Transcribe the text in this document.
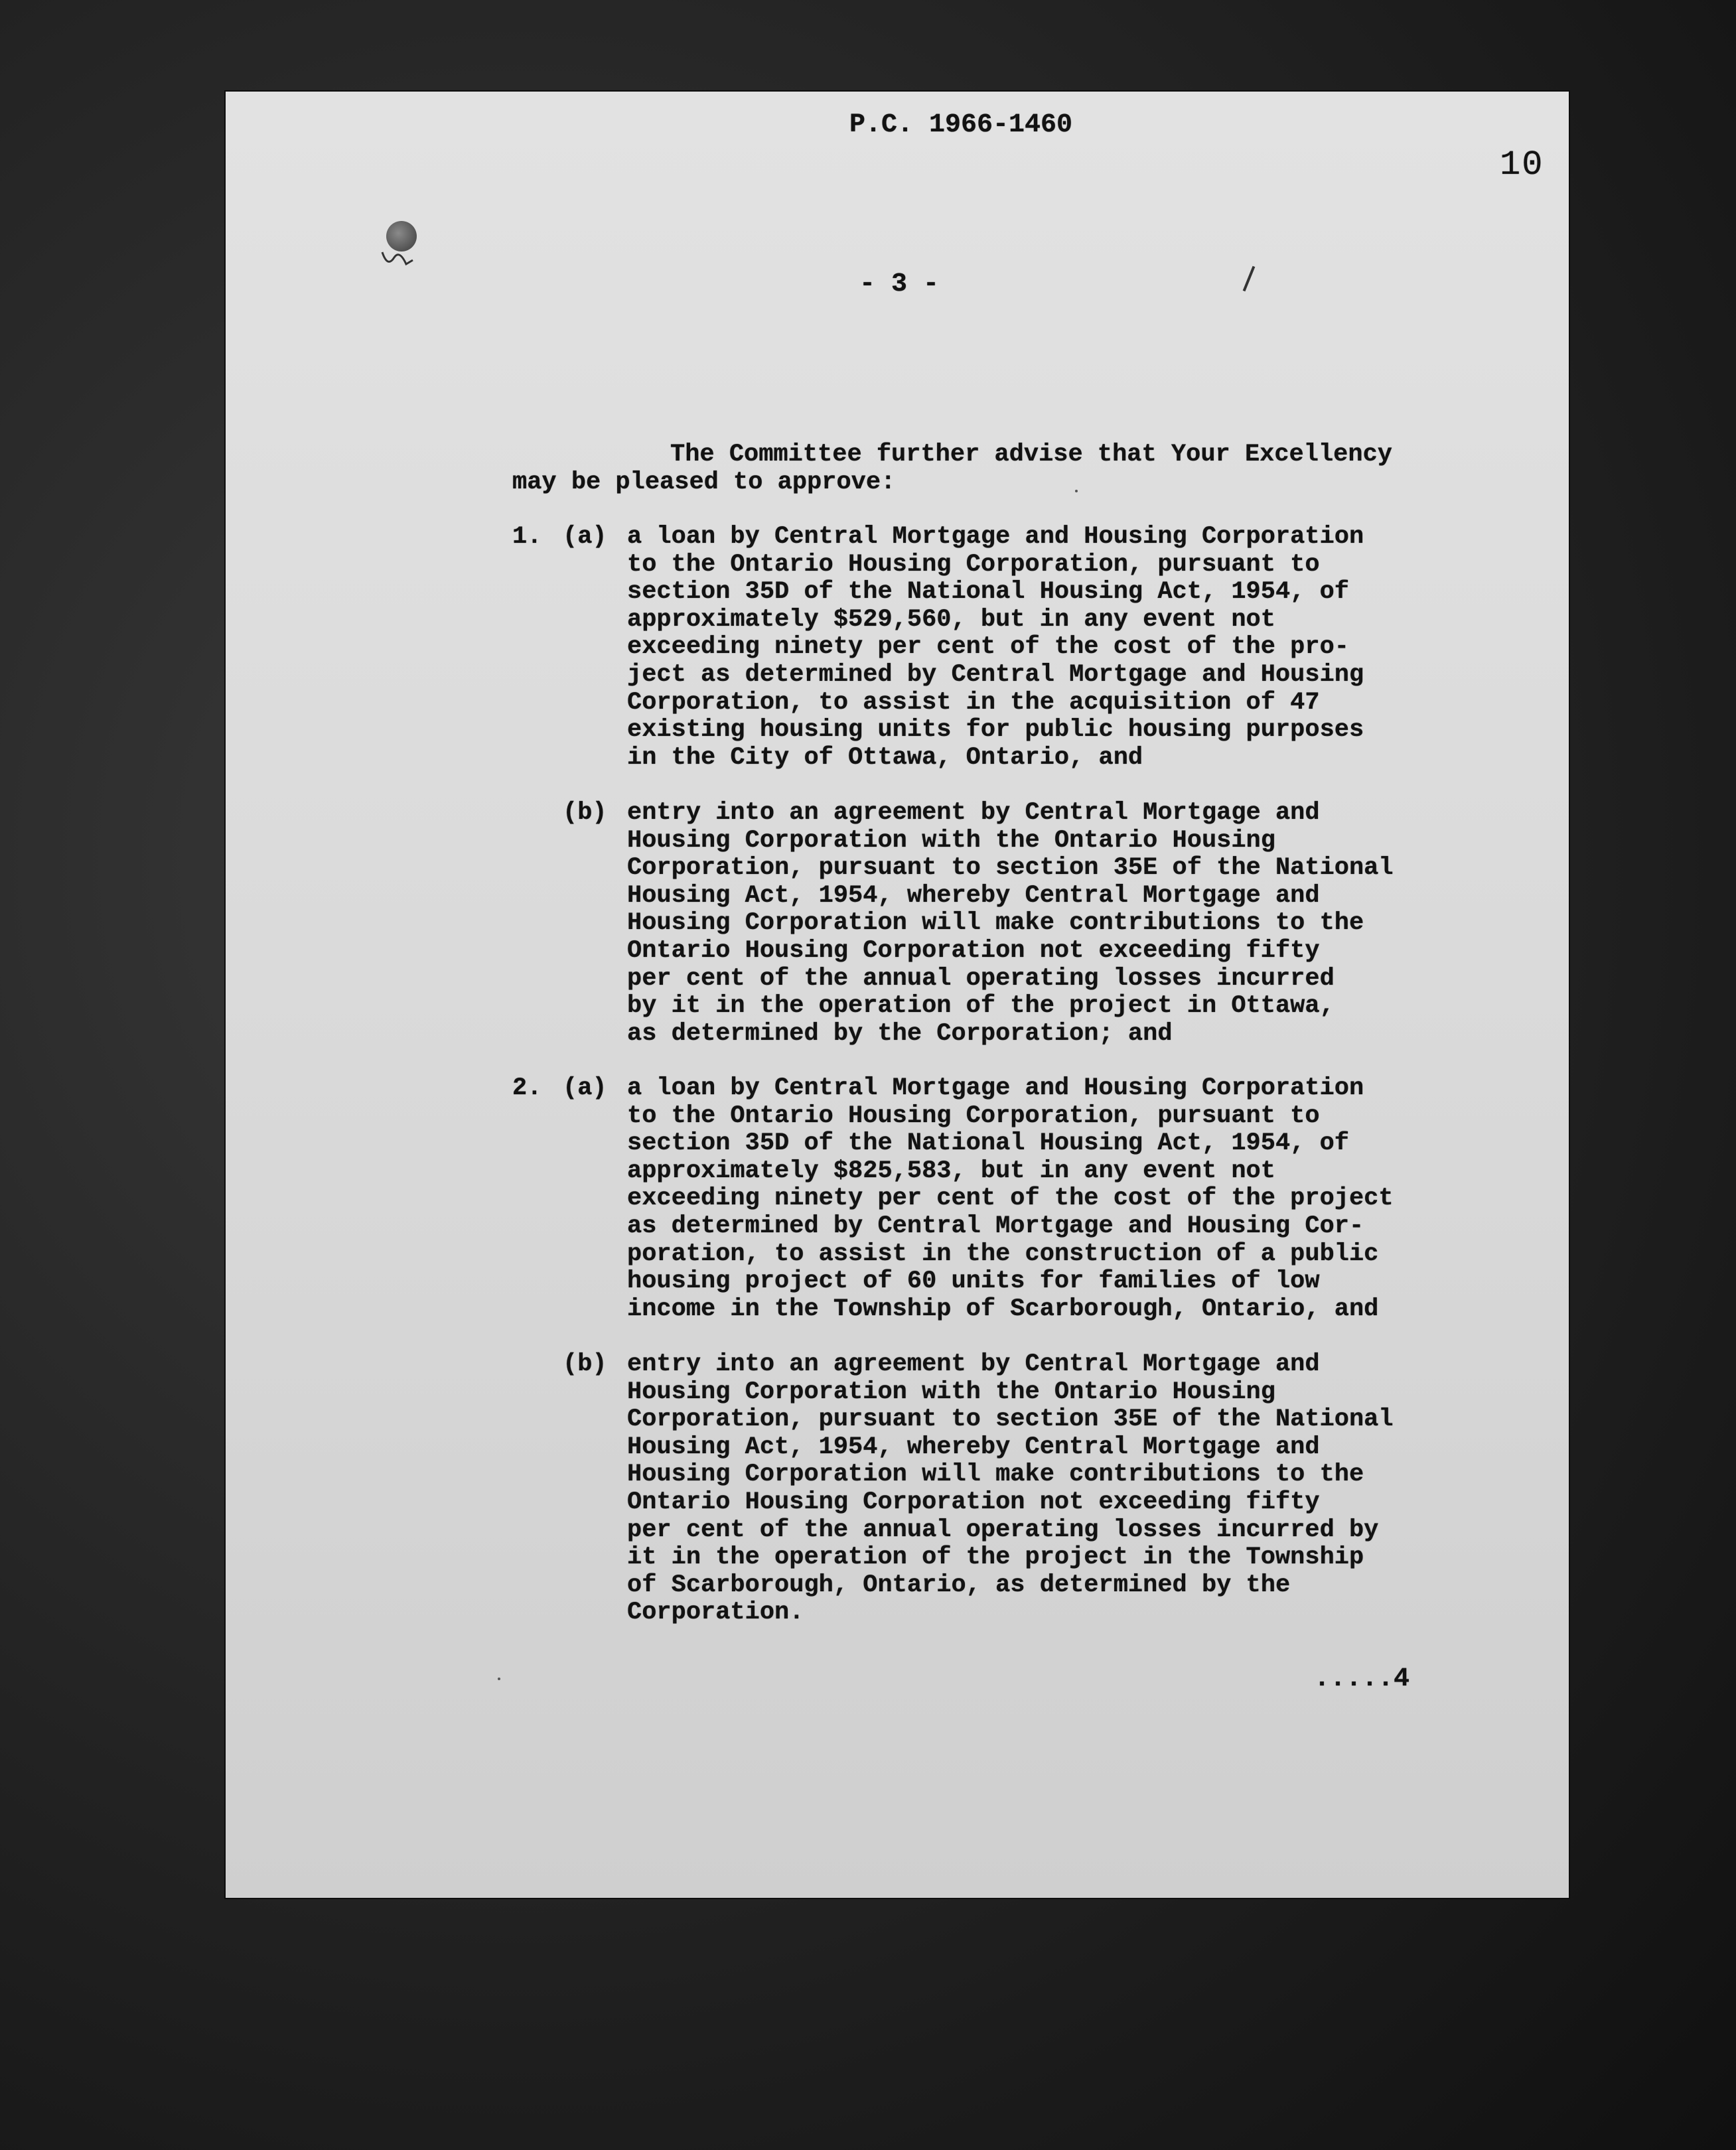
P.C. 1966-1460

10

- 3 -

The Committee further advise that Your Excellency

may be pleased to approve:

1. (a) a loan by Central Mortgage and Housing Corporation
to the Ontario Housing Corporation, pursuant to
section 35D of the National Housing Act, 1954, of
approximately $529,560, but in any event not
exceeding ninety per cent of the cost of the pro-
ject as determined by Central Mortgage and Housing
Corporation, to assist in the acquisition of 47
existing housing units for public housing purposes
in the City of Ottawa, Ontario, and

(b) entry into an agreement by Central Mortgage and
Housing Corporation with the Ontario Housing
Corporation, pursuant to section 35E of the National
Housing Act, 1954, whereby Central Mortgage and
Housing Corporation will make contributions to the
Ontario Housing Corporation not exceeding fifty
per cent of the annual operating losses incurred
by it in the operation of the project in Ottawa,
as determined by the Corporation; and

2. (a) a loan by Central Mortgage and Housing Corporation
to the Ontario Housing Corporation, pursuant to
section 35D of the National Housing Act, 1954, of
approximately $825,583, but in any event not
exceeding ninety per cent of the cost of the project
as determined by Central Mortgage and Housing Cor-
poration, to assist in the construction of a public
housing project of 60 units for families of low
income in the Township of Scarborough, Ontario, and

(b) entry into an agreement by Central Mortgage and
Housing Corporation with the Ontario Housing
Corporation, pursuant to section 35E of the National
Housing Act, 1954, whereby Central Mortgage and
Housing Corporation will make contributions to the
Ontario Housing Corporation not exceeding fifty
per cent of the annual operating losses incurred by
it in the operation of the project in the Township
of Scarborough, Ontario, as determined by the
Corporation.

.....4
